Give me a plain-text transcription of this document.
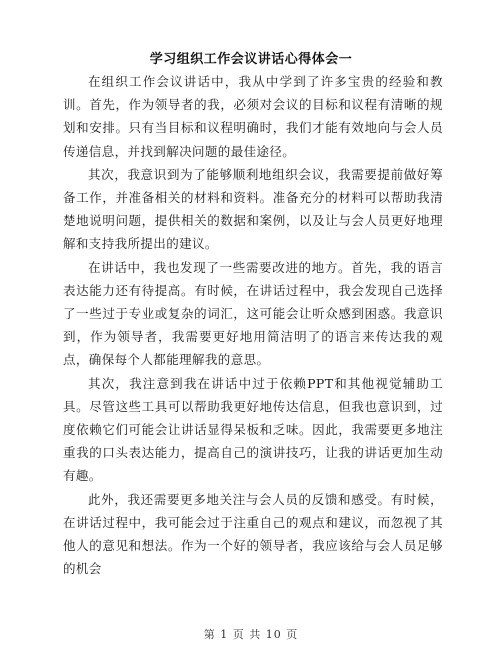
学习组织工作会议讲话心得体会一

在组织工作会议讲话中，我从中学到了许多宝贵的经验和教训。首先，作为领导者的我，必须对会议的目标和议程有清晰的规划和安排。只有当目标和议程明确时，我们才能有效地向与会人员传递信息，并找到解决问题的最佳途径。

其次，我意识到为了能够顺利地组织会议，我需要提前做好筹备工作，并准备相关的材料和资料。准备充分的材料可以帮助我清楚地说明问题，提供相关的数据和案例，以及让与会人员更好地理解和支持我所提出的建议。

在讲话中，我也发现了一些需要改进的地方。首先，我的语言表达能力还有待提高。有时候，在讲话过程中，我会发现自己选择了一些过于专业或复杂的词汇，这可能会让听众感到困惑。我意识到，作为领导者，我需要更好地用简洁明了的语言来传达我的观点，确保每个人都能理解我的意思。

其次，我注意到我在讲话中过于依赖PPT和其他视觉辅助工具。尽管这些工具可以帮助我更好地传达信息，但我也意识到，过度依赖它们可能会让讲话显得呆板和乏味。因此，我需要更多地注重我的口头表达能力，提高自己的演讲技巧，让我的讲话更加生动有趣。

此外，我还需要更多地关注与会人员的反馈和感受。有时候，在讲话过程中，我可能会过于注重自己的观点和建议，而忽视了其他人的意见和想法。作为一个好的领导者，我应该给与会人员足够的机会

第 1 页 共 10 页
